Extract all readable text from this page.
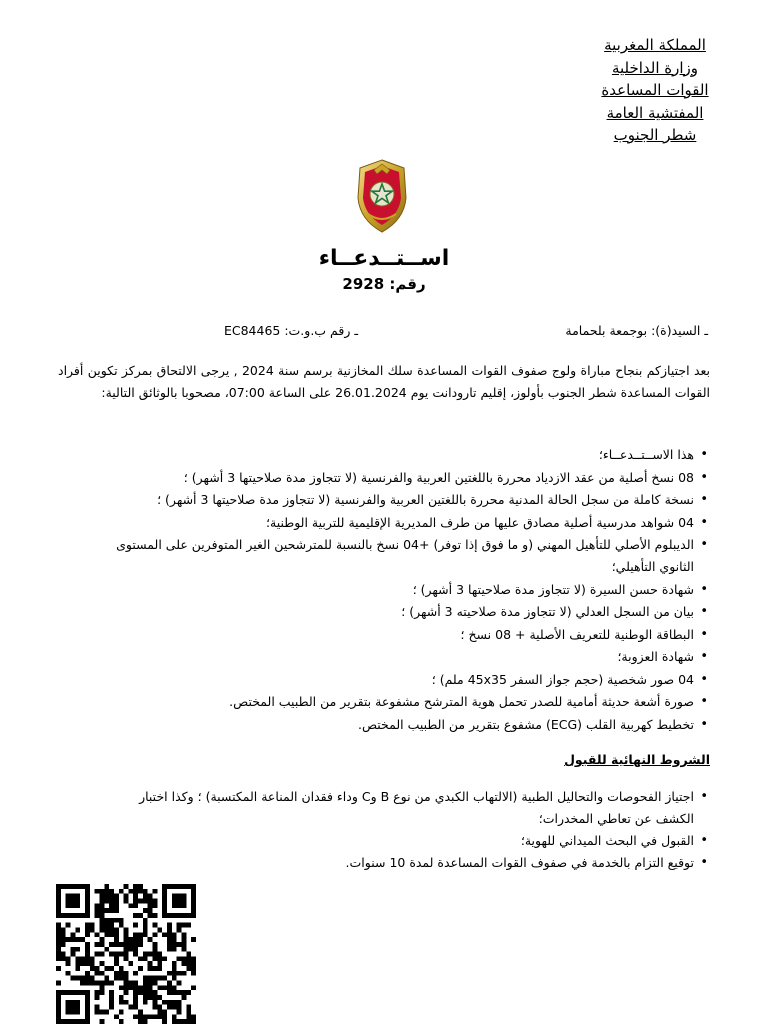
المملكة المغربية
وزارة الداخلية
القوات المساعدة
المفتشية العامة
شطر الجنوب
اســتــدعــاء
رقم: 2928
ـ السيد(ة): بوجمعة بلحمامة
ـ رقم ب.و.ت: EC84465

بعد اجتيازكم بنجاح مباراة ولوج صفوف القوات المساعدة سلك المخازنية برسم سنة 2024 , يرجى الالتحاق بمركز تكوين أفراد القوات المساعدة شطر الجنوب بأولوز، إقليم تارودانت يوم 26.01.2024 على الساعة 07:00، مصحوبا بالوثائق التالية:

• هذا الاســتــدعــاء؛
• 08 نسخ أصلية من عقد الازدياد محررة باللغتين العربية والفرنسية (لا تتجاوز مدة صلاحيتها 3 أشهر) ؛
• نسخة كاملة من سجل الحالة المدنية محررة باللغتين العربية والفرنسية (لا تتجاوز مدة صلاحيتها 3 أشهر) ؛
• 04 شواهد مدرسية أصلية مصادق عليها من طرف المديرية الإقليمية للتربية الوطنية؛
• الديبلوم الأصلي للتأهيل المهني (و ما فوق إذا توفر) +04 نسخ بالنسبة للمترشحين الغير المتوفرين على المستوى الثانوي التأهيلي؛
• شهادة حسن السيرة (لا تتجاوز مدة صلاحيتها 3 أشهر) ؛
• بيان من السجل العدلي (لا تتجاوز مدة صلاحيته 3 أشهر) ؛
• البطاقة الوطنية للتعريف الأصلية + 08 نسخ ؛
• شهادة العزوبة؛
• 04 صور شخصية (حجم جواز السفر 45x35 ملم) ؛
• صورة أشعة حديثة أمامية للصدر تحمل هوية المترشح مشفوعة بتقرير من الطبيب المختص.
• تخطيط كهربية القلب (ECG) مشفوع بتقرير من الطبيب المختص.
الشروط النهائية للقبول
• اجتياز الفحوصات والتحاليل الطبية (الالتهاب الكبدي من نوع B وC وداء فقدان المناعة المكتسبة) ؛ وكذا اختبار الكشف عن تعاطي المخدرات؛
• القبول في البحث الميداني للهوية؛
• توقيع التزام بالخدمة في صفوف القوات المساعدة لمدة 10 سنوات.
